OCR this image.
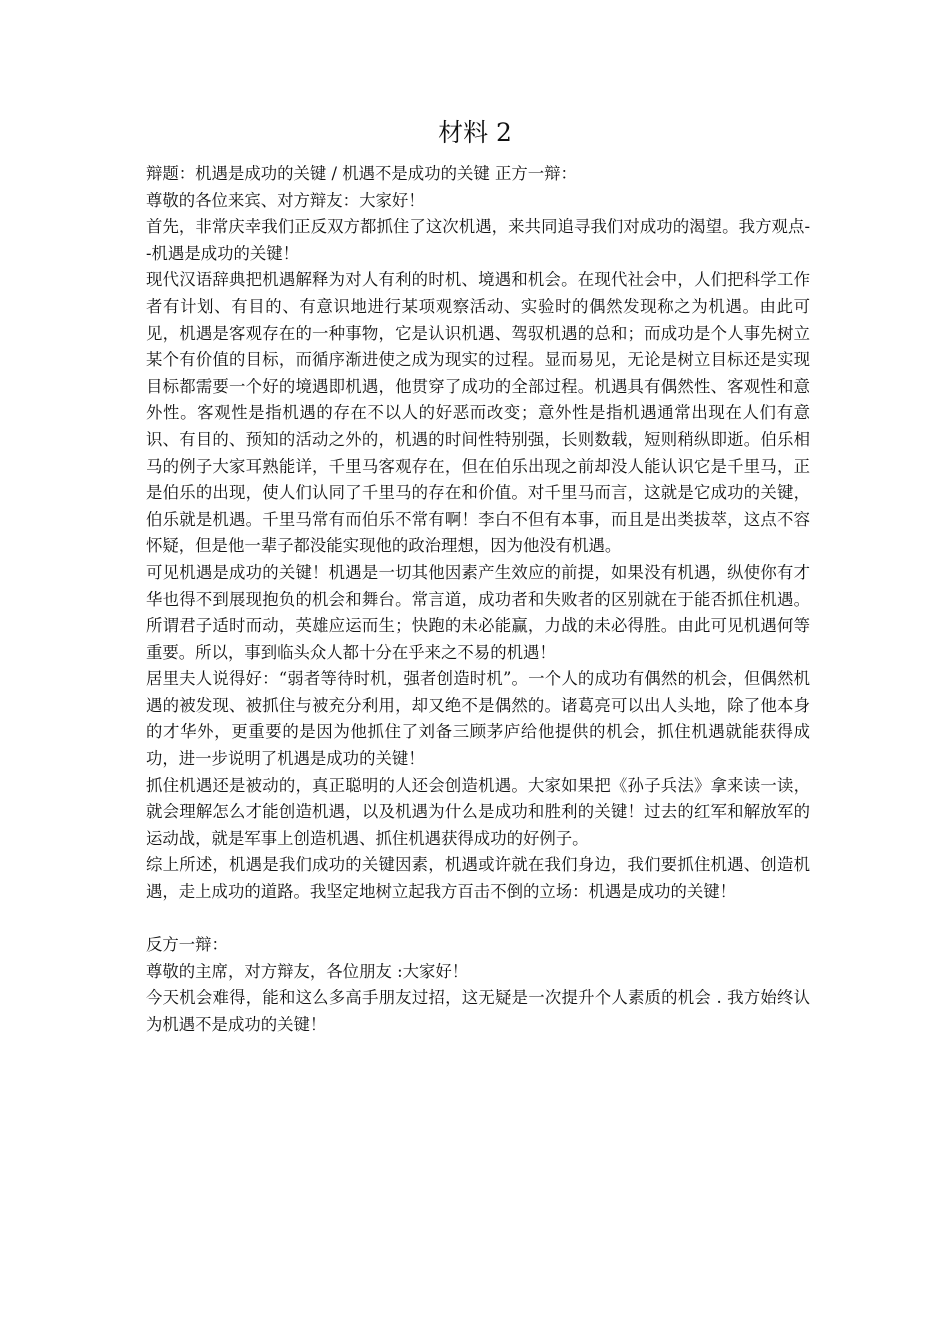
材料 2

辩题：机遇是成功的关键 / 机遇不是成功的关键 正方一辩：

尊敬的各位来宾、对方辩友：大家好！

首先，非常庆幸我们正反双方都抓住了这次机遇，来共同追寻我们对成功的渴望。我方观点--机遇是成功的关键！

现代汉语辞典把机遇解释为对人有利的时机、境遇和机会。在现代社会中，人们把科学工作者有计划、有目的、有意识地进行某项观察活动、实验时的偶然发现称之为机遇。由此可见，机遇是客观存在的一种事物，它是认识机遇、驾驭机遇的总和；而成功是个人事先树立某个有价值的目标，而循序渐进使之成为现实的过程。显而易见，无论是树立目标还是实现目标都需要一个好的境遇即机遇，他贯穿了成功的全部过程。机遇具有偶然性、客观性和意外性。客观性是指机遇的存在不以人的好恶而改变；意外性是指机遇通常出现在人们有意识、有目的、预知的活动之外的，机遇的时间性特别强，长则数载，短则稍纵即逝。伯乐相马的例子大家耳熟能详，千里马客观存在，但在伯乐出现之前却没人能认识它是千里马，正是伯乐的出现，使人们认同了千里马的存在和价值。对千里马而言，这就是它成功的关键，伯乐就是机遇。千里马常有而伯乐不常有啊！李白不但有本事，而且是出类拔萃，这点不容怀疑，但是他一辈子都没能实现他的政治理想，因为他没有机遇。

可见机遇是成功的关键！机遇是一切其他因素产生效应的前提，如果没有机遇，纵使你有才华也得不到展现抱负的机会和舞台。常言道，成功者和失败者的区别就在于能否抓住机遇。所谓君子适时而动，英雄应运而生；快跑的未必能赢，力战的未必得胜。由此可见机遇何等重要。所以，事到临头众人都十分在乎来之不易的机遇！

居里夫人说得好：“弱者等待时机，强者创造时机”。一个人的成功有偶然的机会，但偶然机遇的被发现、被抓住与被充分利用，却又绝不是偶然的。诸葛亮可以出人头地，除了他本身的才华外，更重要的是因为他抓住了刘备三顾茅庐给他提供的机会，抓住机遇就能获得成功，进一步说明了机遇是成功的关键！

抓住机遇还是被动的，真正聪明的人还会创造机遇。大家如果把《孙子兵法》拿来读一读，就会理解怎么才能创造机遇，以及机遇为什么是成功和胜利的关键！过去的红军和解放军的运动战，就是军事上创造机遇、抓住机遇获得成功的好例子。

综上所述，机遇是我们成功的关键因素，机遇或许就在我们身边，我们要抓住机遇、创造机遇，走上成功的道路。我坚定地树立起我方百击不倒的立场：机遇是成功的关键！

反方一辩：

尊敬的主席，对方辩友，各位朋友 :大家好！

今天机会难得，能和这么多高手朋友过招，这无疑是一次提升个人素质的机会 . 我方始终认为机遇不是成功的关键！
